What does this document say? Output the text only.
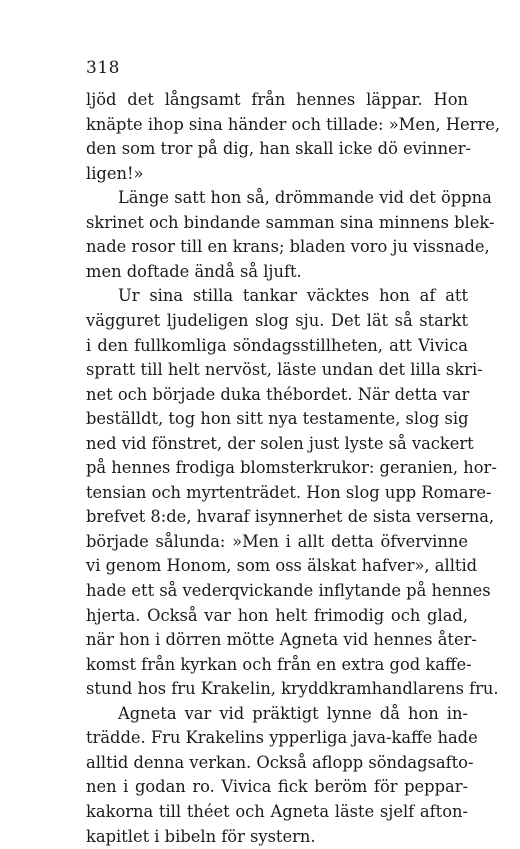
318
ljöd det långsamt från hennes läppar. Hon
knäpte ihop sina händer och tillade: »Men, Herre,
den som tror på dig, han skall icke dö evinner-
ligen!»
Länge satt hon så, drömmande vid det öppna
skrinet och bindande samman sina minnens blek-
nade rosor till en krans; bladen voro ju vissnade,
men doftade ändå så ljuft.
Ur sina stilla tankar väcktes hon af att
vägguret ljudeligen slog sju. Det lät så starkt
i den fullkomliga söndagsstillheten, att Vivica
spratt till helt nervöst, läste undan det lilla skri-
net och började duka thébordet. När detta var
beställdt, tog hon sitt nya testamente, slog sig
ned vid fönstret, der solen just lyste så vackert
på hennes frodiga blomsterkrukor: geranien, hor-
tensian och myrtenträdet. Hon slog upp Romare-
brefvet 8:de, hvaraf isynnerhet de sista verserna,
började sålunda: »Men i allt detta öfvervinne
vi genom Honom, som oss älskat hafver», alltid
hade ett så vederqvickande inflytande på hennes
hjerta. Också var hon helt frimodig och glad,
när hon i dörren mötte Agneta vid hennes åter-
komst från kyrkan och från en extra god kaffe-
stund hos fru Krakelin, kryddkramhandlarens fru.
Agneta var vid präktigt lynne då hon in-
trädde. Fru Krakelins ypperliga java-kaffe hade
alltid denna verkan. Också aflopp söndagsafto-
nen i godan ro. Vivica fick beröm för peppar-
kakorna till théet och Agneta läste sjelf afton-
kapitlet i bibeln för systern.
